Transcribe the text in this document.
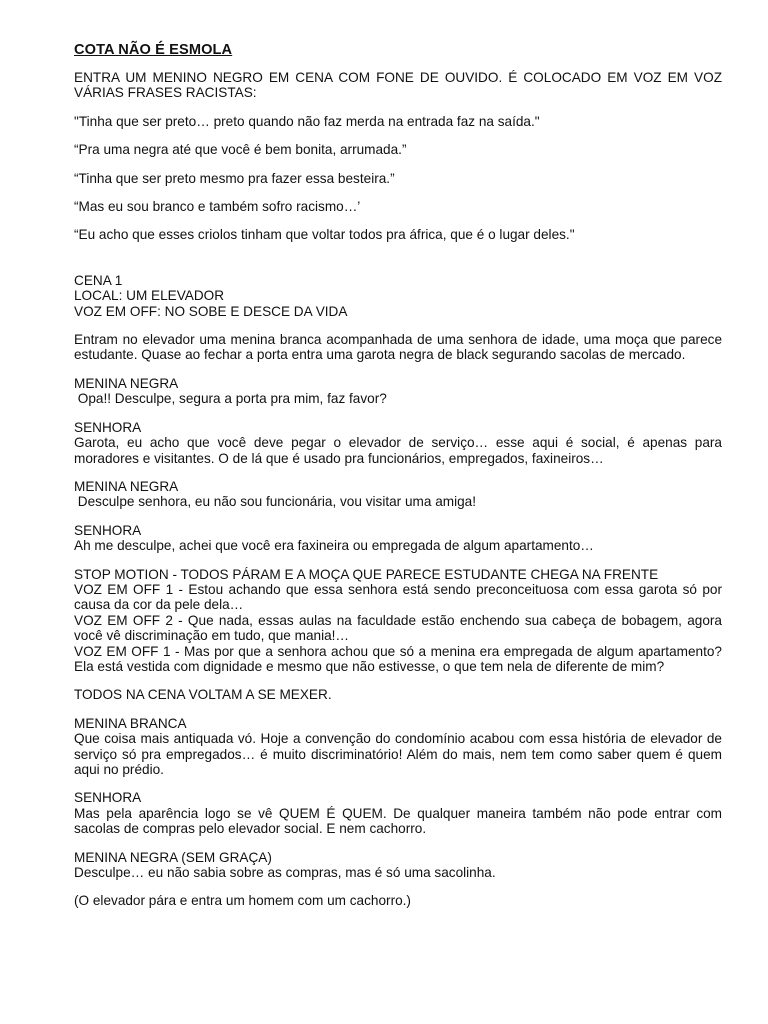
COTA NÃO É ESMOLA
ENTRA UM MENINO NEGRO EM CENA COM FONE DE OUVIDO. É COLOCADO EM VOZ EM VOZ VÁRIAS FRASES RACISTAS:
"Tinha que ser preto… preto quando não faz merda na entrada faz na saída."
“Pra uma negra até que você é bem bonita, arrumada.”
“Tinha que ser preto mesmo pra fazer essa besteira.”
“Mas eu sou branco e também sofro racismo…’
“Eu acho que esses criolos tinham que voltar todos pra áfrica, que é o lugar deles."
CENA 1
LOCAL: UM ELEVADOR
VOZ EM OFF: NO SOBE E DESCE DA VIDA
Entram no elevador uma menina branca acompanhada de uma senhora de idade, uma moça que parece estudante. Quase ao fechar a porta entra uma garota negra de black segurando sacolas de mercado.
MENINA NEGRA
Opa!! Desculpe, segura a porta pra mim, faz favor?
SENHORA
Garota, eu acho que você deve pegar o elevador de serviço… esse aqui é social, é apenas para moradores e visitantes. O de lá que é usado pra funcionários, empregados, faxineiros…
MENINA NEGRA
Desculpe senhora, eu não sou funcionária, vou visitar uma amiga!
SENHORA
Ah me desculpe, achei que você era faxineira ou empregada de algum apartamento…
STOP MOTION - TODOS PÁRAM E A MOÇA QUE PARECE ESTUDANTE CHEGA NA FRENTE
VOZ EM OFF 1 - Estou achando que essa senhora está sendo preconceituosa com essa garota só por causa da cor da pele dela…
VOZ EM OFF 2 - Que nada, essas aulas na faculdade estão enchendo sua cabeça de bobagem, agora você vê discriminação em tudo, que mania!…
VOZ EM OFF 1 - Mas por que a senhora achou que só a menina era empregada de algum apartamento? Ela está vestida com dignidade e mesmo que não estivesse, o que tem nela de diferente de mim?
TODOS NA CENA VOLTAM A SE MEXER.
MENINA BRANCA
Que coisa mais antiquada vó. Hoje a convenção do condomínio acabou com essa história de elevador de serviço só pra empregados… é muito discriminatório! Além do mais, nem tem como saber quem é quem aqui no prédio.
SENHORA
Mas pela aparência logo se vê QUEM É QUEM. De qualquer maneira também não pode entrar com sacolas de compras pelo elevador social. E nem cachorro.
MENINA NEGRA (SEM GRAÇA)
Desculpe… eu não sabia sobre as compras, mas é só uma sacolinha.
(O elevador pára e entra um homem com um cachorro.)
